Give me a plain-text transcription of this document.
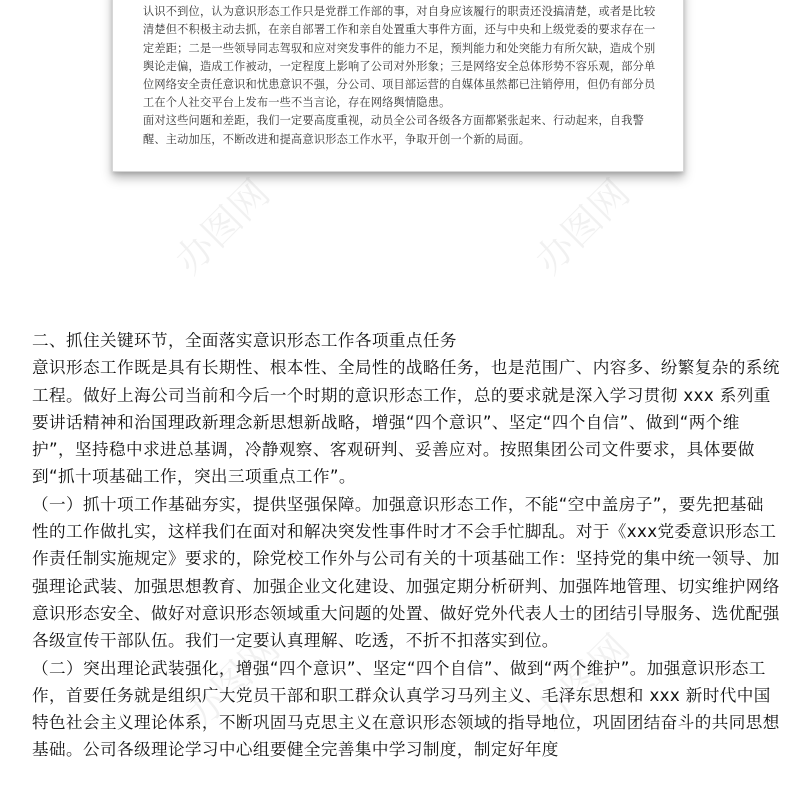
认识不到位，认为意识形态工作只是党群工作部的事，对自身应该履行的职责还没搞清楚，或者是比较清楚但不积极主动去抓，在亲自部署工作和亲自处置重大事件方面，还与中央和上级党委的要求存在一定差距；二是一些领导同志驾驭和应对突发事件的能力不足，预判能力和处突能力有所欠缺，造成个别舆论走偏，造成工作被动，一定程度上影响了公司对外形象；三是网络安全总体形势不容乐观，部分单位网络安全责任意识和忧患意识不强，分公司、项目部运营的自媒体虽然都已注销停用，但仍有部分员工在个人社交平台上发布一些不当言论，存在网络舆情隐患。

面对这些问题和差距，我们一定要高度重视，动员全公司各级各方面都紧张起来、行动起来，自我警醒、主动加压，不断改进和提高意识形态工作水平，争取开创一个新的局面。

办图网	办图网
办图网	办图网

二、抓住关键环节，全面落实意识形态工作各项重点任务

意识形态工作既是具有长期性、根本性、全局性的战略任务，也是范围广、内容多、纷繁复杂的系统工程。做好上海公司当前和今后一个时期的意识形态工作，总的要求就是深入学习贯彻 xxx 系列重要讲话精神和治国理政新理念新思想新战略，增强“四个意识”、坚定“四个自信”、做到“两个维护”，坚持稳中求进总基调，冷静观察、客观研判、妥善应对。按照集团公司文件要求，具体要做到“抓十项基础工作，突出三项重点工作”。

（一）抓十项工作基础夯实，提供坚强保障。加强意识形态工作，不能“空中盖房子”，要先把基础性的工作做扎实，这样我们在面对和解决突发性事件时才不会手忙脚乱。对于《xxx党委意识形态工作责任制实施规定》要求的，除党校工作外与公司有关的十项基础工作：坚持党的集中统一领导、加强理论武装、加强思想教育、加强企业文化建设、加强定期分析研判、加强阵地管理、切实维护网络意识形态安全、做好对意识形态领域重大问题的处置、做好党外代表人士的团结引导服务、选优配强各级宣传干部队伍。我们一定要认真理解、吃透，不折不扣落实到位。

（二）突出理论武装强化，增强“四个意识”、坚定“四个自信”、做到“两个维护”。加强意识形态工作，首要任务就是组织广大党员干部和职工群众认真学习马列主义、毛泽东思想和 xxx 新时代中国特色社会主义理论体系，不断巩固马克思主义在意识形态领域的指导地位，巩固团结奋斗的共同思想基础。公司各级理论学习中心组要健全完善集中学习制度，制定好年度
